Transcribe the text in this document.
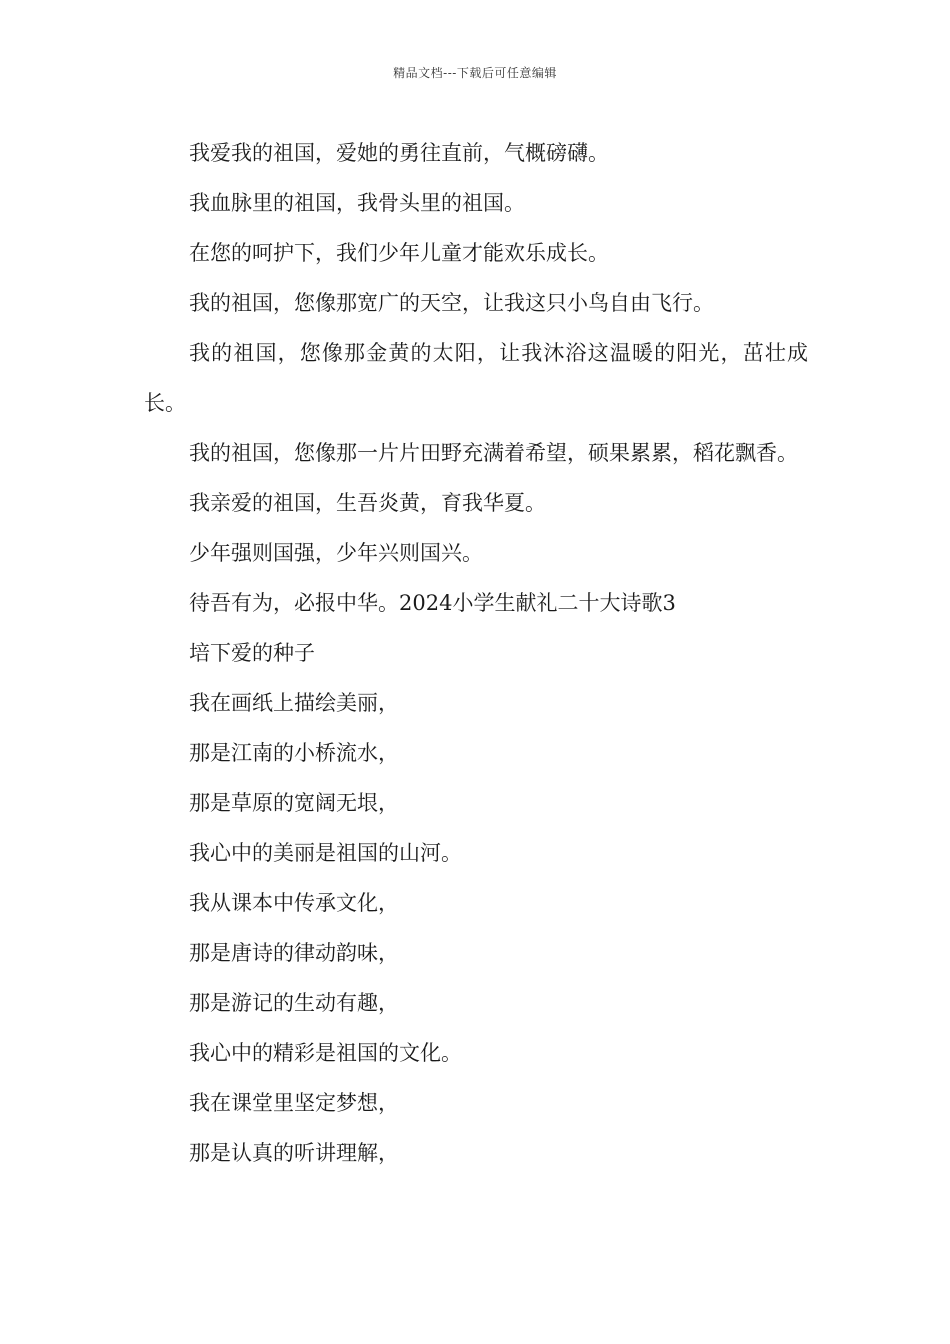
精品文档---下载后可任意编辑

我爱我的祖国，爱她的勇往直前，气概磅礴。

我血脉里的祖国，我骨头里的祖国。

在您的呵护下，我们少年儿童才能欢乐成长。

我的祖国，您像那宽广的天空，让我这只小鸟自由飞行。

我的祖国，您像那金黄的太阳，让我沐浴这温暖的阳光，茁壮成长。

我的祖国，您像那一片片田野充满着希望，硕果累累，稻花飘香。

我亲爱的祖国，生吾炎黄，育我华夏。

少年强则国强，少年兴则国兴。

待吾有为，必报中华。2024小学生献礼二十大诗歌3

培下爱的种子

我在画纸上描绘美丽，

那是江南的小桥流水，

那是草原的宽阔无垠，

我心中的美丽是祖国的山河。

我从课本中传承文化，

那是唐诗的律动韵味，

那是游记的生动有趣，

我心中的精彩是祖国的文化。

我在课堂里坚定梦想，

那是认真的听讲理解，
